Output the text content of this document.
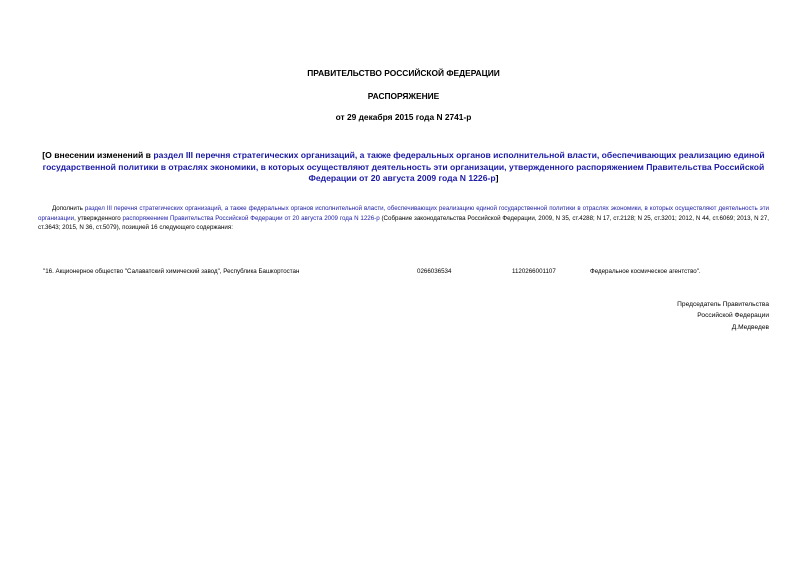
ПРАВИТЕЛЬСТВО РОССИЙСКОЙ ФЕДЕРАЦИИ
РАСПОРЯЖЕНИЕ
от 29 декабря 2015 года N 2741-р
[О внесении изменений в раздел III перечня стратегических организаций, а также федеральных органов исполнительной власти, обеспечивающих реализацию единой государственной политики в отраслях экономики, в которых осуществляют деятельность эти организации, утвержденного распоряжением Правительства Российской Федерации от 20 августа 2009 года N 1226-р]
Дополнить раздел III перечня стратегических организаций, а также федеральных органов исполнительной власти, обеспечивающих реализацию единой государственной политики в отраслях экономики, в которых осуществляют деятельность эти организации, утвержденного распоряжением Правительства Российской Федерации от 20 августа 2009 года N 1226-р (Собрание законодательства Российской Федерации, 2009, N 35, ст.4288; N 17, ст.2128; N 25, ст.3201; 2012, N 44, ст.6069; 2013, N 27, ст.3643; 2015, N 36, ст.5079), позицией 16 следующего содержания:
"16. Акционерное общество "Салаватский химический завод", Республика Башкортостан	0266036534	1120266001107	Федеральное космическое агентство".
Председатель Правительства
Российской Федерации
Д.Медведев
